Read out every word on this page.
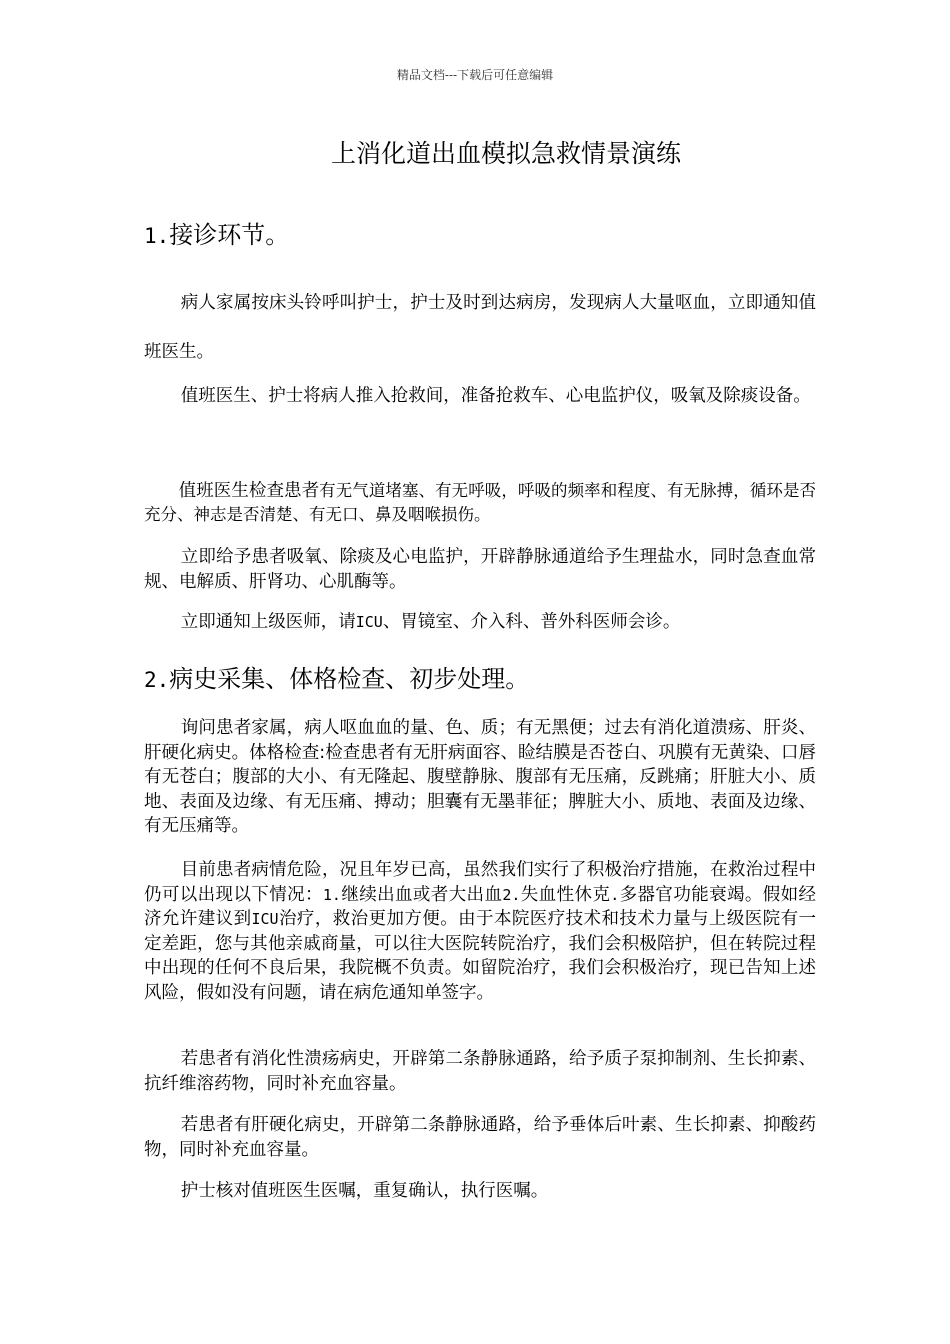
精品文档---下载后可任意编辑
上消化道出血模拟急救情景演练
1.接诊环节。

病人家属按床头铃呼叫护士，护士及时到达病房，发现病人大量呕血，立即通知值班医生。

值班医生、护士将病人推入抢救间，准备抢救车、心电监护仪，吸氧及除痰设备。

值班医生检查患者有无气道堵塞、有无呼吸，呼吸的频率和程度、有无脉搏，循环是否充分、神志是否清楚、有无口、鼻及咽喉损伤。

立即给予患者吸氧、除痰及心电监护，开辟静脉通道给予生理盐水，同时急查血常规、电解质、肝肾功、心肌酶等。

立即通知上级医师，请ICU、胃镜室、介入科、普外科医师会诊。

2.病史采集、体格检查、初步处理。

询问患者家属，病人呕血血的量、色、质；有无黑便；过去有消化道溃疡、肝炎、肝硬化病史。体格检查:检查患者有无肝病面容、睑结膜是否苍白、巩膜有无黄染、口唇有无苍白；腹部的大小、有无隆起、腹壁静脉、腹部有无压痛，反跳痛；肝脏大小、质地、表面及边缘、有无压痛、搏动；胆囊有无墨菲征；脾脏大小、质地、表面及边缘、有无压痛等。

目前患者病情危险，况且年岁已高，虽然我们实行了积极治疗措施，在救治过程中仍可以出现以下情况：1.继续出血或者大出血2.失血性休克.多器官功能衰竭。假如经济允许建议到ICU治疗，救治更加方便。由于本院医疗技术和技术力量与上级医院有一定差距，您与其他亲戚商量，可以往大医院转院治疗，我们会积极陪护，但在转院过程中出现的任何不良后果，我院概不负责。如留院治疗，我们会积极治疗，现已告知上述风险，假如没有问题，请在病危通知单签字。

若患者有消化性溃疡病史，开辟第二条静脉通路，给予质子泵抑制剂、生长抑素、抗纤维溶药物，同时补充血容量。

若患者有肝硬化病史，开辟第二条静脉通路，给予垂体后叶素、生长抑素、抑酸药物，同时补充血容量。

护士核对值班医生医嘱，重复确认，执行医嘱。
